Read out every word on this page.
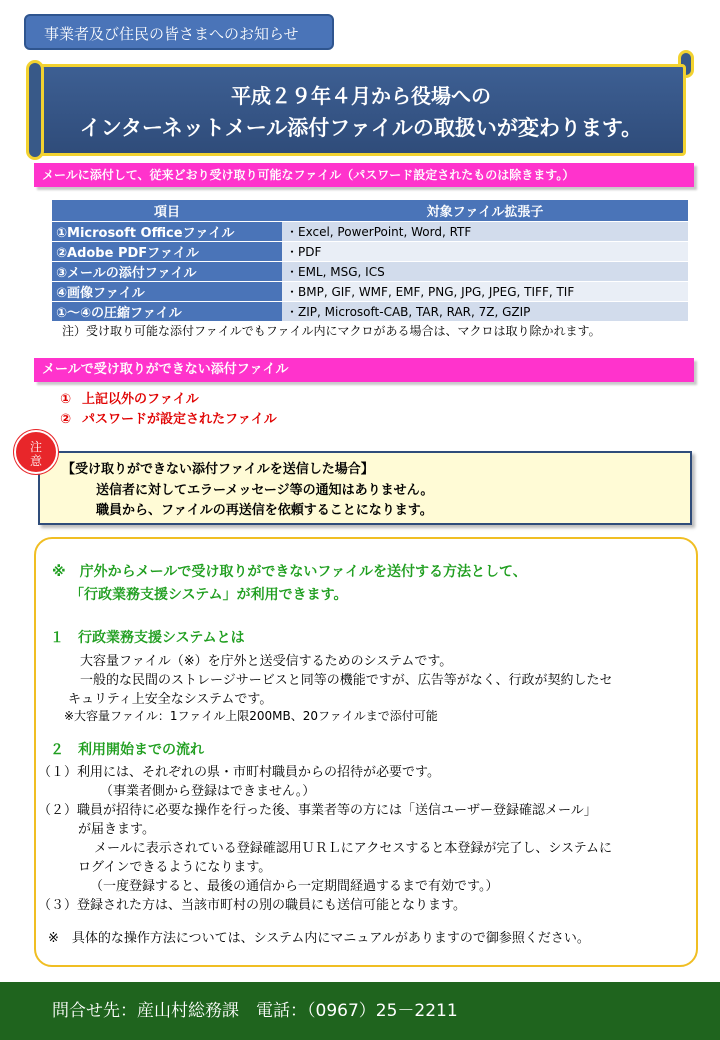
事業者及び住民の皆さまへのお知らせ
平成２９年４月から役場への
インターネットメール添付ファイルの取扱いが変わります。
メールに添付して、従来どおり受け取り可能なファイル（パスワード設定されたものは除きます。）
項目	対象ファイル拡張子
①Microsoft Officeファイル	・Excel, PowerPoint, Word, RTF
②Adobe PDFファイル	・PDF
③メールの添付ファイル	・EML, MSG, ICS
④画像ファイル	・BMP, GIF, WMF, EMF, PNG, JPG, JPEG, TIFF, TIF
①～④の圧縮ファイル	・ZIP, Microsoft-CAB, TAR, RAR, 7Z, GZIP
注）受け取り可能な添付ファイルでもファイル内にマクロがある場合は、マクロは取り除かれます。
メールで受け取りができない添付ファイル
① 上記以外のファイル
② パスワードが設定されたファイル
【受け取りができない添付ファイルを送信した場合】
送信者に対してエラーメッセージ等の通知はありません。
職員から、ファイルの再送信を依頼することになります。
注
意
※　庁外からメールで受け取りができないファイルを送付する方法として、
「行政業務支援システム」が利用できます。
１　行政業務支援システムとは
大容量ファイル（※）を庁外と送受信するためのシステムです。
一般的な民間のストレージサービスと同等の機能ですが、広告等がなく、行政が契約したセ
キュリティ上安全なシステムです。
※大容量ファイル：1ファイル上限200MB、20ファイルまで添付可能
２　利用開始までの流れ
（１）利用には、それぞれの県・市町村職員からの招待が必要です。
（事業者側から登録はできません。）
（２）職員が招待に必要な操作を行った後、事業者等の方には「送信ユーザー登録確認メール」
が届きます。
メールに表示されている登録確認用ＵＲＬにアクセスすると本登録が完了し、システムに
ログインできるようになります。
（一度登録すると、最後の通信から一定期間経過するまで有効です。）
（３）登録された方は、当該市町村の別の職員にも送信可能となります。
※　具体的な操作方法については、システム内にマニュアルがありますので御参照ください。
問合せ先：産山村総務課　電話：（0967）25－2211
